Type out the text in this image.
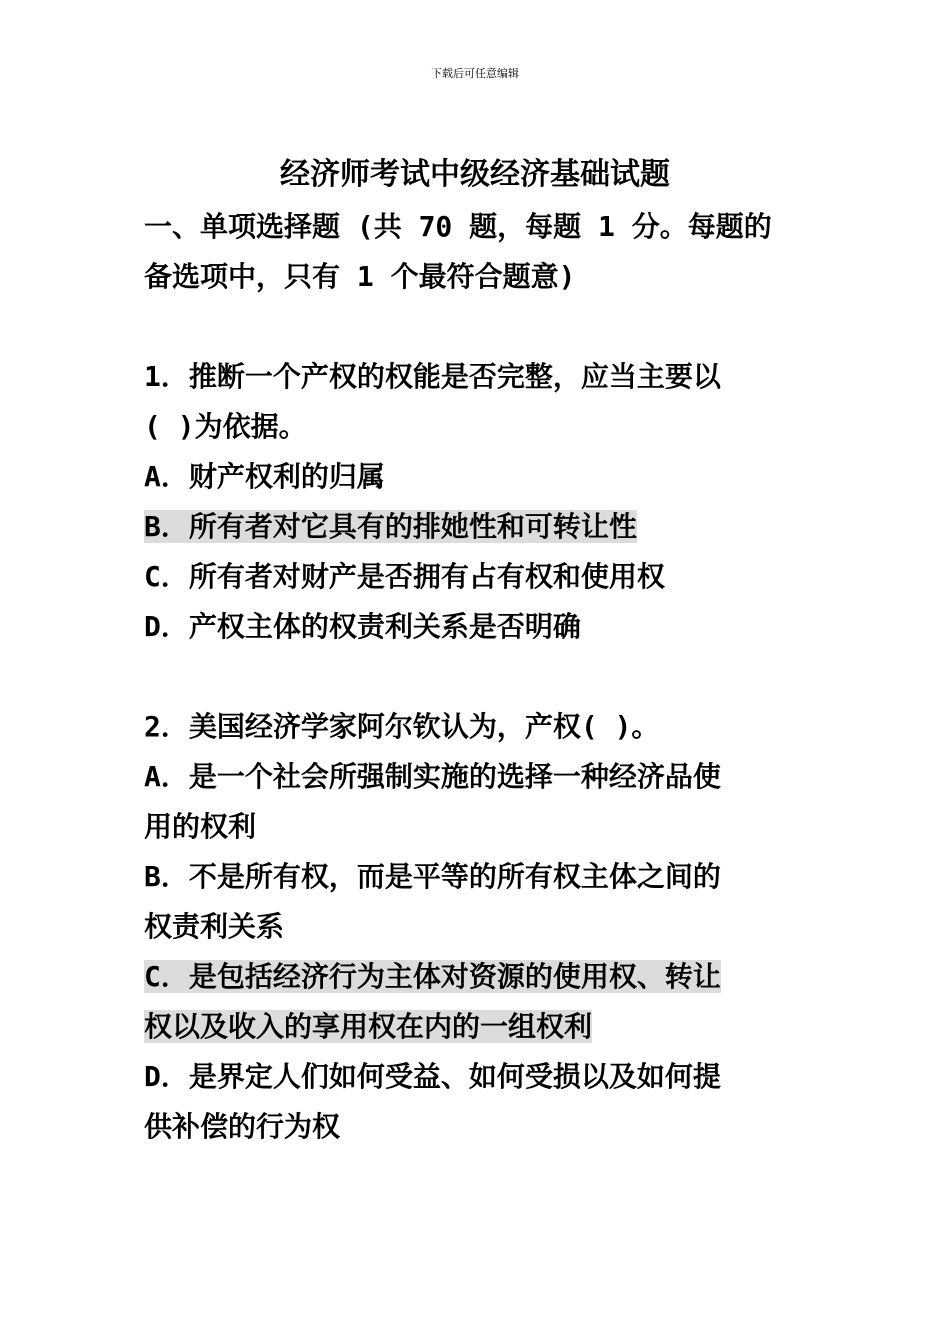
下载后可任意编辑
经济师考试中级经济基础试题
一、单项选择题 (共 70 题，每题 1 分。每题的
备选项中，只有 1 个最符合题意)
1．推断一个产权的权能是否完整，应当主要以
( )为依据。
A．财产权利的归属
B．所有者对它具有的排她性和可转让性
C．所有者对财产是否拥有占有权和使用权
D．产权主体的权责利关系是否明确
2．美国经济学家阿尔钦认为，产权( )。
A．是一个社会所强制实施的选择一种经济品使
用的权利
B．不是所有权，而是平等的所有权主体之间的
权责利关系
C．是包括经济行为主体对资源的使用权、转让
权以及收入的享用权在内的一组权利
D．是界定人们如何受益、如何受损以及如何提
供补偿的行为权
